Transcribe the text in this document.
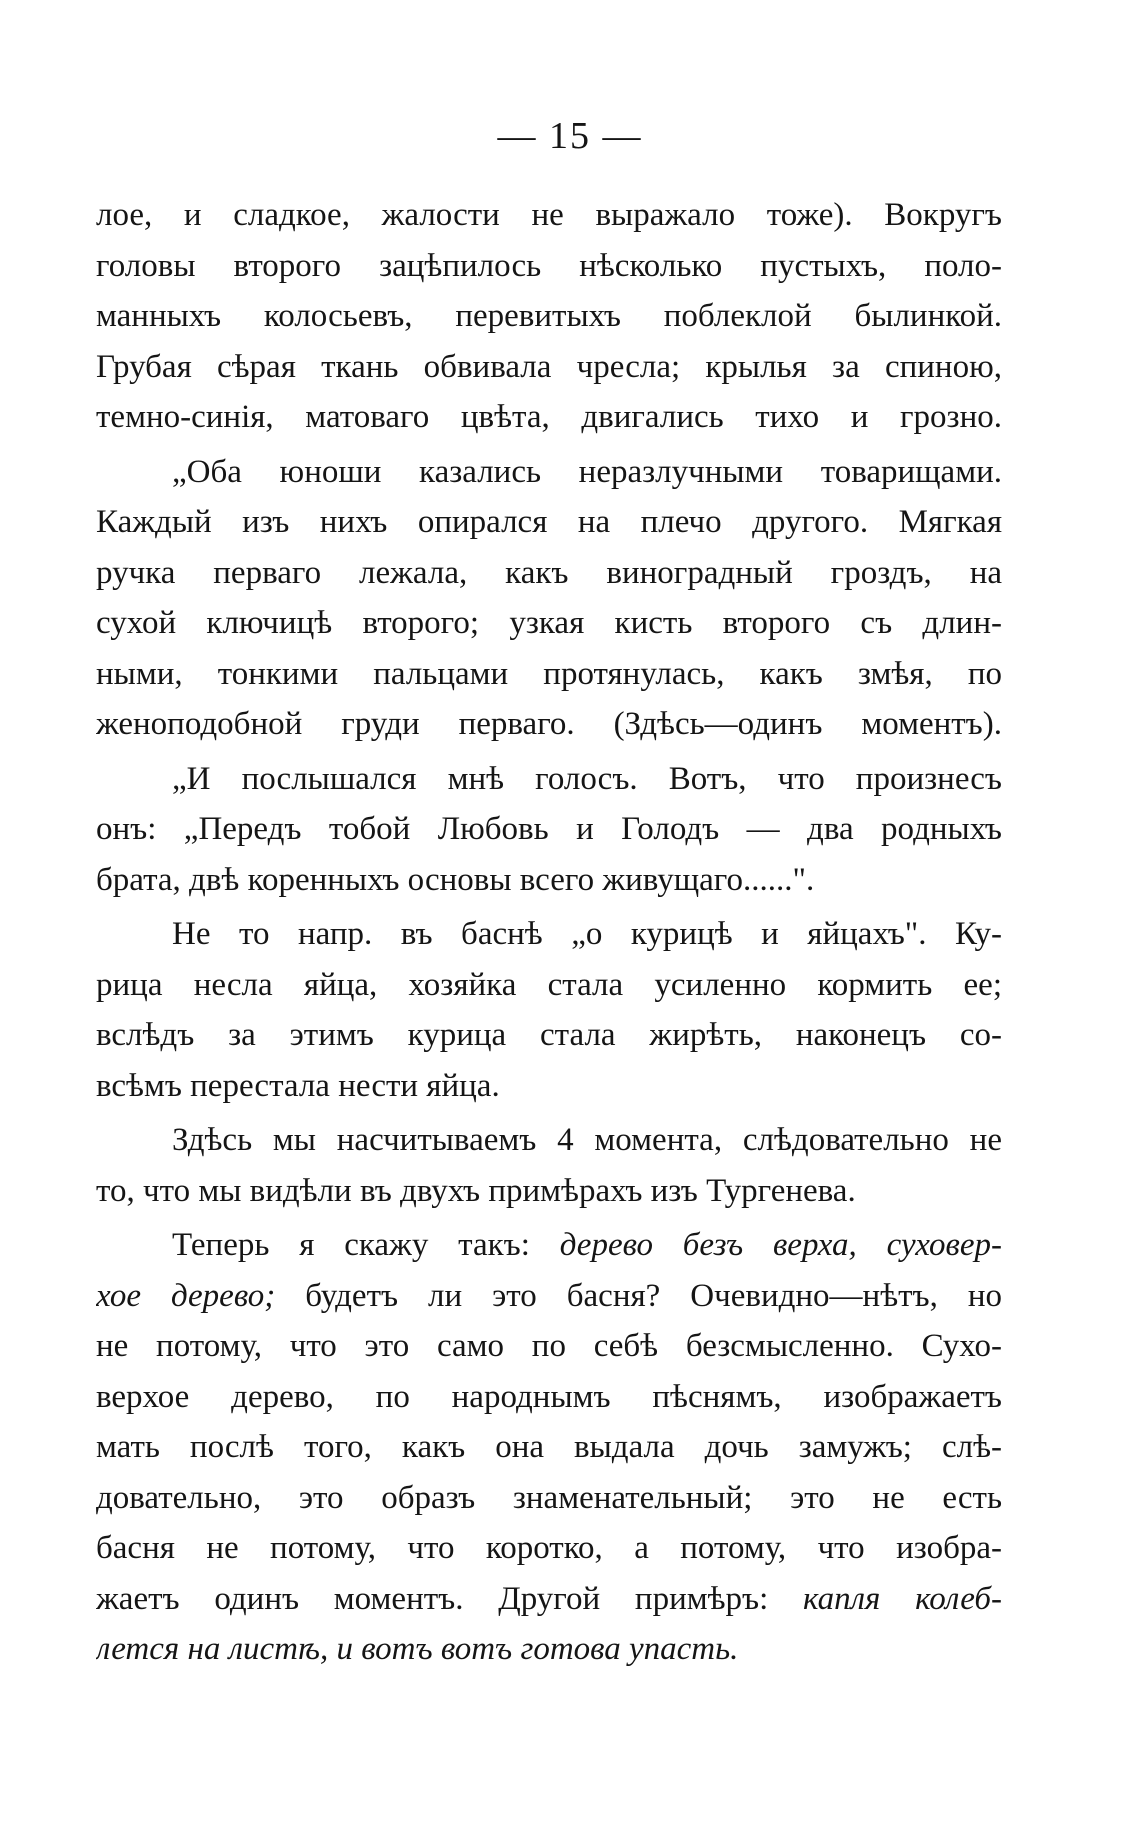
— 15 —
лое, и сладкое, жалости не выражало тоже). Вокругъ
головы второго зацѣпилось нѣсколько пустыхъ, поло-
манныхъ колосьевъ, перевитыхъ поблеклой былинкой.
Грубая сѣрая ткань обвивала чресла; крылья за спиною,
темно-синія, матоваго цвѣта, двигались тихо и грозно.
„Оба юноши казались неразлучными товарищами.
Каждый изъ нихъ опирался на плечо другого. Мягкая
ручка перваго лежала, какъ виноградный гроздъ, на
сухой ключицѣ второго; узкая кисть второго съ длин-
ными, тонкими пальцами протянулась, какъ змѣя, по
женоподобной груди перваго. (Здѣсь—одинъ моментъ).
„И послышался мнѣ голосъ. Вотъ, что произнесъ
онъ: „Передъ тобой Любовь и Голодъ — два родныхъ
брата, двѣ коренныхъ основы всего живущаго......".
Не то напр. въ баснѣ „о курицѣ и яйцахъ". Ку-
рица несла яйца, хозяйка стала усиленно кормить ее;
вслѣдъ за этимъ курица стала жирѣть, наконецъ со-
всѣмъ перестала нести яйца.
Здѣсь мы насчитываемъ 4 момента, слѣдовательно не
то, что мы видѣли въ двухъ примѣрахъ изъ Тургенева.
Теперь я скажу такъ: дерево безъ верха, суховер-
хое дерево; будетъ ли это басня? Очевидно—нѣтъ, но
не потому, что это само по себѣ безсмысленно. Сухо-
верхое дерево, по народнымъ пѣснямъ, изображаетъ
мать послѣ того, какъ она выдала дочь замужъ; слѣ-
довательно, это образъ знаменательный; это не есть
басня не потому, что коротко, а потому, что изобра-
жаетъ одинъ моментъ. Другой примѣръ: капля колеб-
лется на листѣ, и вотъ вотъ готова упасть.
